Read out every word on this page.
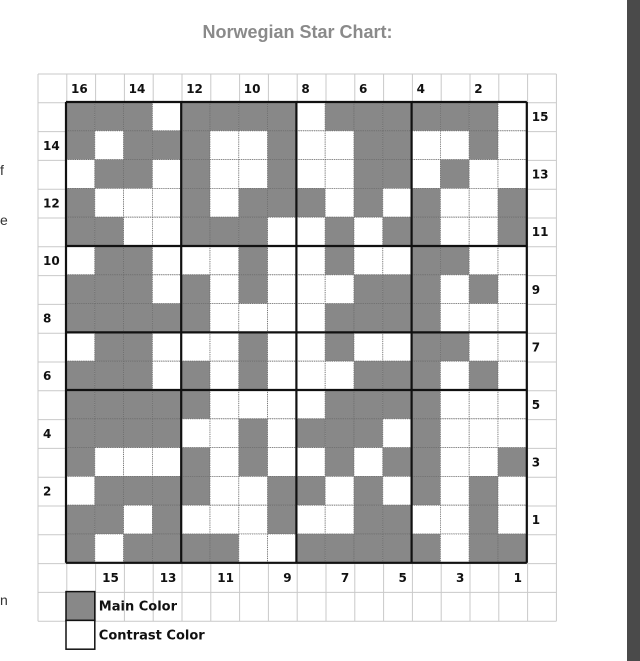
Norwegian Star Chart:
f
e
n
16	14	12	10	8	6	4	2
15	13	11	9	7	5	3	1
14
12
10
8
6
4
2
15
13
11
9
7
5
3
1
Main Color
Contrast Color
